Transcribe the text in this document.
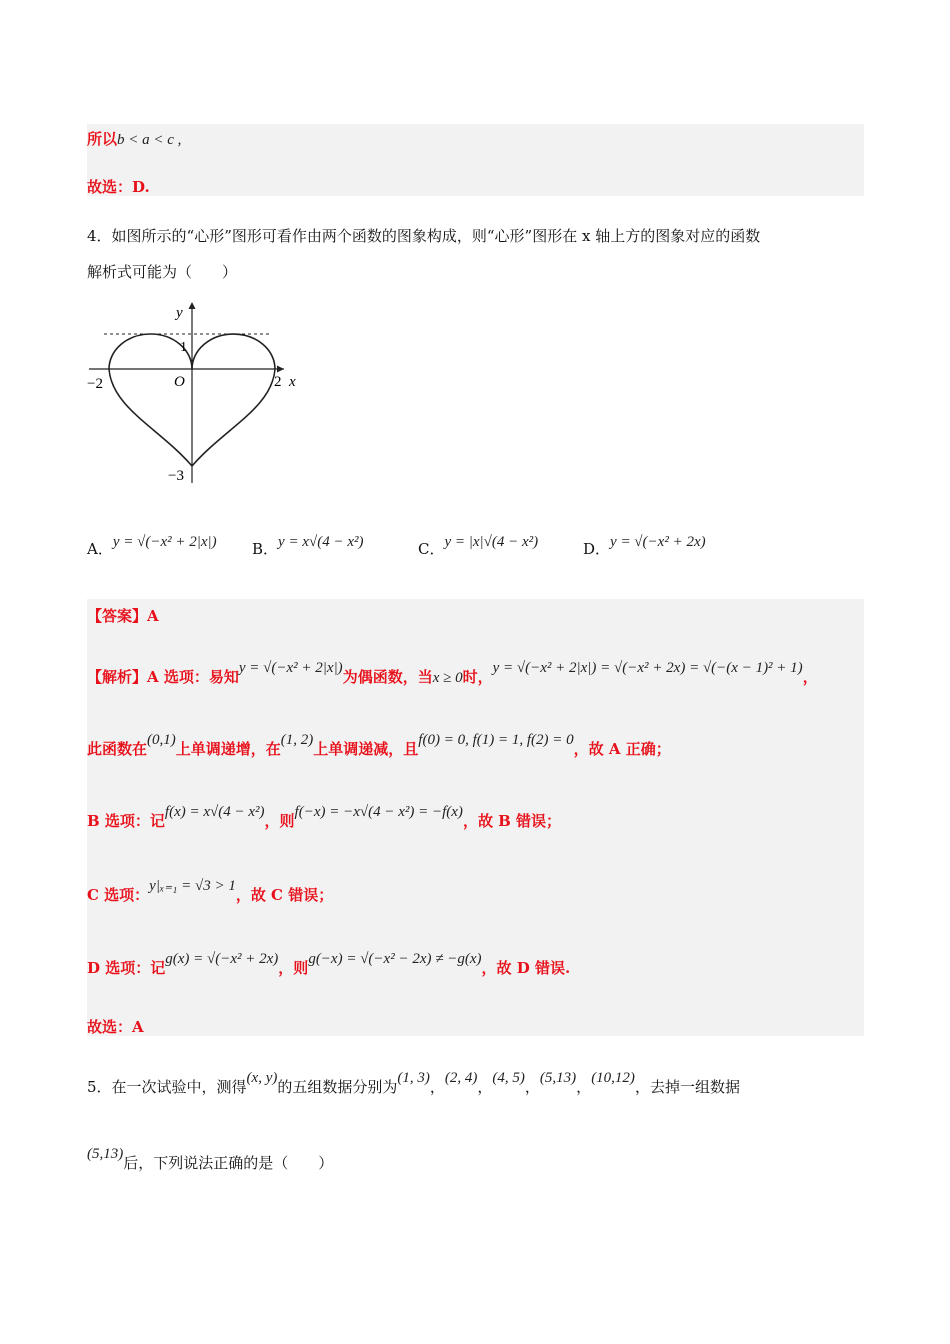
所以b < a < c ,
故选：D.
4．如图所示的“心形”图形可看作由两个函数的图象构成，则“心形”图形在 x 轴上方的图象对应的函数
解析式可能为（　　）
y
x
O
1
−2	2
−3
A．y = √(−x² + 2|x|) B．y = x√(4 − x²)	C．y = |x|√(4 − x²)	D．y = √(−x² + 2x)
【答案】A
【解析】A 选项：易知y = √(−x² + 2|x|)为偶函数，当x ≥ 0时，y = √(−x² + 2|x|) = √(−x² + 2x) = √(−(x − 1)² + 1)，
此函数在(0,1)上单调递增，在(1, 2)上单调递减，且f(0) = 0, f(1) = 1, f(2) = 0，故 A 正确；
B 选项：记f(x) = x√(4 − x²)，则f(−x) = −x√(4 − x²) = −f(x)，故 B 错误；
C 选项：y|ₓ₌₁ = √3 > 1，故 C 错误；
D 选项：记g(x) = √(−x² + 2x)，则g(−x) = √(−x² − 2x) ≠ −g(x)，故 D 错误.
故选：A
5．在一次试验中，测得(x, y)的五组数据分别为(1, 3)，(2, 4)，(4, 5)，(5,13)，(10,12)，去掉一组数据
(5,13)后，下列说法正确的是（　　）
